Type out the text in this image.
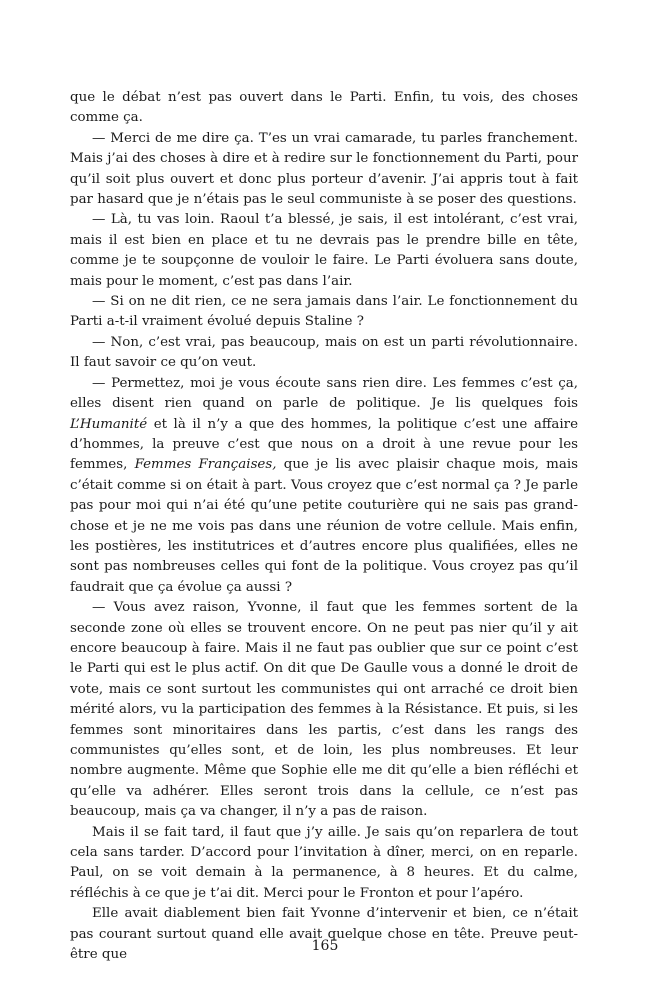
que le débat n’est pas ouvert dans le Parti. Enfin, tu vois, des choses comme ça.

— Merci de me dire ça. T’es un vrai camarade, tu parles franchement. Mais j’ai des choses à dire et à redire sur le fonctionnement du Parti, pour qu’il soit plus ouvert et donc plus porteur d’avenir. J’ai appris tout à fait par hasard que je n’étais pas le seul communiste à se poser des questions.

— Là, tu vas loin. Raoul t’a blessé, je sais, il est intolérant, c’est vrai, mais il est bien en place et tu ne devrais pas le prendre bille en tête, comme je te soupçonne de vouloir le faire. Le Parti évoluera sans doute, mais pour le moment, c’est pas dans l’air.

— Si on ne dit rien, ce ne sera jamais dans l’air. Le fonctionnement du Parti a-t-il vraiment évolué depuis Staline ?

— Non, c’est vrai, pas beaucoup, mais on est un parti révolutionnaire. Il faut savoir ce qu’on veut.

— Permettez, moi je vous écoute sans rien dire. Les femmes c’est ça, elles disent rien quand on parle de politique. Je lis quelques fois L’Humanité et là il n’y a que des hommes, la politique c’est une affaire d’hommes, la preuve c’est que nous on a droit à une revue pour les femmes, Femmes Françaises, que je lis avec plaisir chaque mois, mais c’était comme si on était à part. Vous croyez que c’est normal ça ? Je parle pas pour moi qui n’ai été qu’une petite couturière qui ne sais pas grand-chose et je ne me vois pas dans une réunion de votre cellule. Mais enfin, les postières, les institutrices et d’autres encore plus qualifiées, elles ne sont pas nombreuses celles qui font de la politique. Vous croyez pas qu’il faudrait que ça évolue ça aussi ?

— Vous avez raison, Yvonne, il faut que les femmes sortent de la seconde zone où elles se trouvent encore. On ne peut pas nier qu’il y ait encore beaucoup à faire. Mais il ne faut pas oublier que sur ce point c’est le Parti qui est le plus actif. On dit que De Gaulle vous a donné le droit de vote, mais ce sont surtout les communistes qui ont arraché ce droit bien mérité alors, vu la participation des femmes à la Résistance. Et puis, si les femmes sont minoritaires dans les partis, c’est dans les rangs des communistes qu’elles sont, et de loin, les plus nombreuses. Et leur nombre augmente. Même que Sophie elle me dit qu’elle a bien réfléchi et qu’elle va adhérer. Elles seront trois dans la cellule, ce n’est pas beaucoup, mais ça va changer, il n’y a pas de raison.

Mais il se fait tard, il faut que j’y aille. Je sais qu’on reparlera de tout cela sans tarder. D’accord pour l’invitation à dîner, merci, on en reparle. Paul, on se voit demain à la permanence, à 8 heures. Et du calme, réfléchis à ce que je t’ai dit. Merci pour le Fronton et pour l’apéro.

Elle avait diablement bien fait Yvonne d’intervenir et bien, ce n’était pas courant surtout quand elle avait quelque chose en tête. Preuve peut-être que

165
